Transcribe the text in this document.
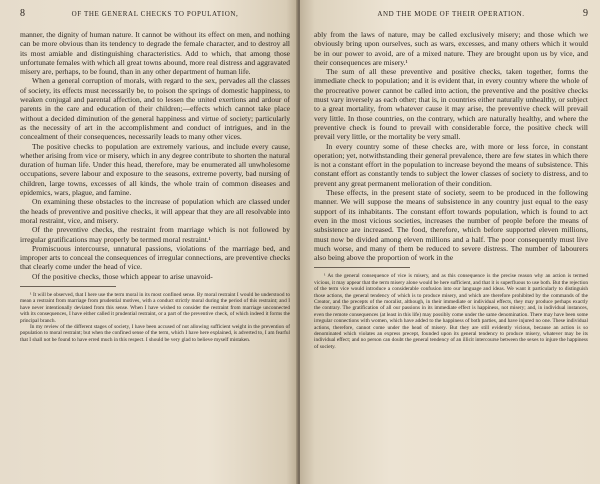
8	OF THE GENERAL CHECKS TO POPULATION,

manner, the dignity of human nature. It cannot be without its effect on men, and nothing can be more obvious than its tendency to degrade the female character, and to destroy all its most amiable and distinguishing characteristics. Add to which, that among those unfortunate females with which all great towns abound, more real distress and aggravated misery are, perhaps, to be found, than in any other department of human life.

When a general corruption of morals, with regard to the sex, pervades all the classes of society, its effects must necessarily be, to poison the springs of domestic happiness, to weaken conjugal and parental affection, and to lessen the united exertions and ardour of parents in the care and education of their children;—effects which cannot take place without a decided diminution of the general happiness and virtue of society; particularly as the necessity of art in the accomplishment and conduct of intrigues, and in the concealment of their consequences, necessarily leads to many other vices.

The positive checks to population are extremely various, and include every cause, whether arising from vice or misery, which in any degree contribute to shorten the natural duration of human life. Under this head, therefore, may be enumerated all unwholesome occupations, severe labour and exposure to the seasons, extreme poverty, bad nursing of children, large towns, excesses of all kinds, the whole train of common diseases and epidemics, wars, plague, and famine.

On examining these obstacles to the increase of population which are classed under the heads of preventive and positive checks, it will appear that they are all resolvable into moral restraint, vice, and misery.

Of the preventive checks, the restraint from marriage which is not followed by irregular gratifications may properly be termed moral restraint.¹

Promiscuous intercourse, unnatural passions, violations of the marriage bed, and improper arts to conceal the consequences of irregular connections, are preventive checks that clearly come under the head of vice.

Of the positive checks, those which appear to arise unavoid-

¹ It will be observed, that I here use the term moral in its most confined sense. By moral restraint I would be understood to mean a restraint from marriage from prudential motives, with a conduct strictly moral during the period of this restraint; and I have never intentionally deviated from this sense. When I have wished to consider the restraint from marriage unconnected with its consequences, I have either called it prudential restraint, or a part of the preventive check, of which indeed it forms the principal branch.

In my review of the different stages of society, I have been accused of not allowing sufficient weight in the prevention of population to moral restraint; but when the confined sense of the term, which I have here explained, is adverted to, I am fearful that I shall not be found to have erred much in this respect. I should be very glad to believe myself mistaken.

AND THE MODE OF THEIR OPERATION.	9

ably from the laws of nature, may be called exclusively misery; and those which we obviously bring upon ourselves, such as wars, excesses, and many others which it would be in our power to avoid, are of a mixed nature. They are brought upon us by vice, and their consequences are misery.¹

The sum of all these preventive and positive checks, taken together, forms the immediate check to population; and it is evident that, in every country where the whole of the procreative power cannot be called into action, the preventive and the positive checks must vary inversely as each other; that is, in countries either naturally unhealthy, or subject to a great mortality, from whatever cause it may arise, the preventive check will prevail very little. In those countries, on the contrary, which are naturally healthy, and where the preventive check is found to prevail with considerable force, the positive check will prevail very little, or the mortality be very small.

In every country some of these checks are, with more or less force, in constant operation; yet, notwithstanding their general prevalence, there are few states in which there is not a constant effort in the population to increase beyond the means of subsistence. This constant effort as constantly tends to subject the lower classes of society to distress, and to prevent any great permanent melioration of their condition.

These effects, in the present state of society, seem to be produced in the following manner. We will suppose the means of subsistence in any country just equal to the easy support of its inhabitants. The constant effort towards population, which is found to act even in the most vicious societies, increases the number of people before the means of subsistence are increased. The food, therefore, which before supported eleven millions, must now be divided among eleven millions and a half. The poor consequently must live much worse, and many of them be reduced to severe distress. The number of labourers also being above the proportion of work in the

¹ As the general consequence of vice is misery, and as this consequence is the precise reason why an action is termed vicious, it may appear that the term misery alone would be here sufficient, and that it is superfluous to use both. But the rejection of the term vice would introduce a considerable confusion into our language and ideas. We want it particularly to distinguish those actions, the general tendency of which is to produce misery, and which are therefore prohibited by the commands of the Creator, and the precepts of the moralist, although, in their immediate or individual effects, they may produce perhaps exactly the contrary. The gratification of all our passions in its immediate effect is happiness, not misery; and, in individual instances, even the remote consequences (at least in this life) may possibly come under the same denomination. There may have been some irregular connections with women, which have added to the happiness of both parties, and have injured no one. These individual actions, therefore, cannot come under the head of misery. But they are still evidently vicious, because an action is so denominated which violates an express precept, founded upon its general tendency to produce misery, whatever may be its individual effect; and no person can doubt the general tendency of an illicit intercourse between the sexes to injure the happiness of society.
